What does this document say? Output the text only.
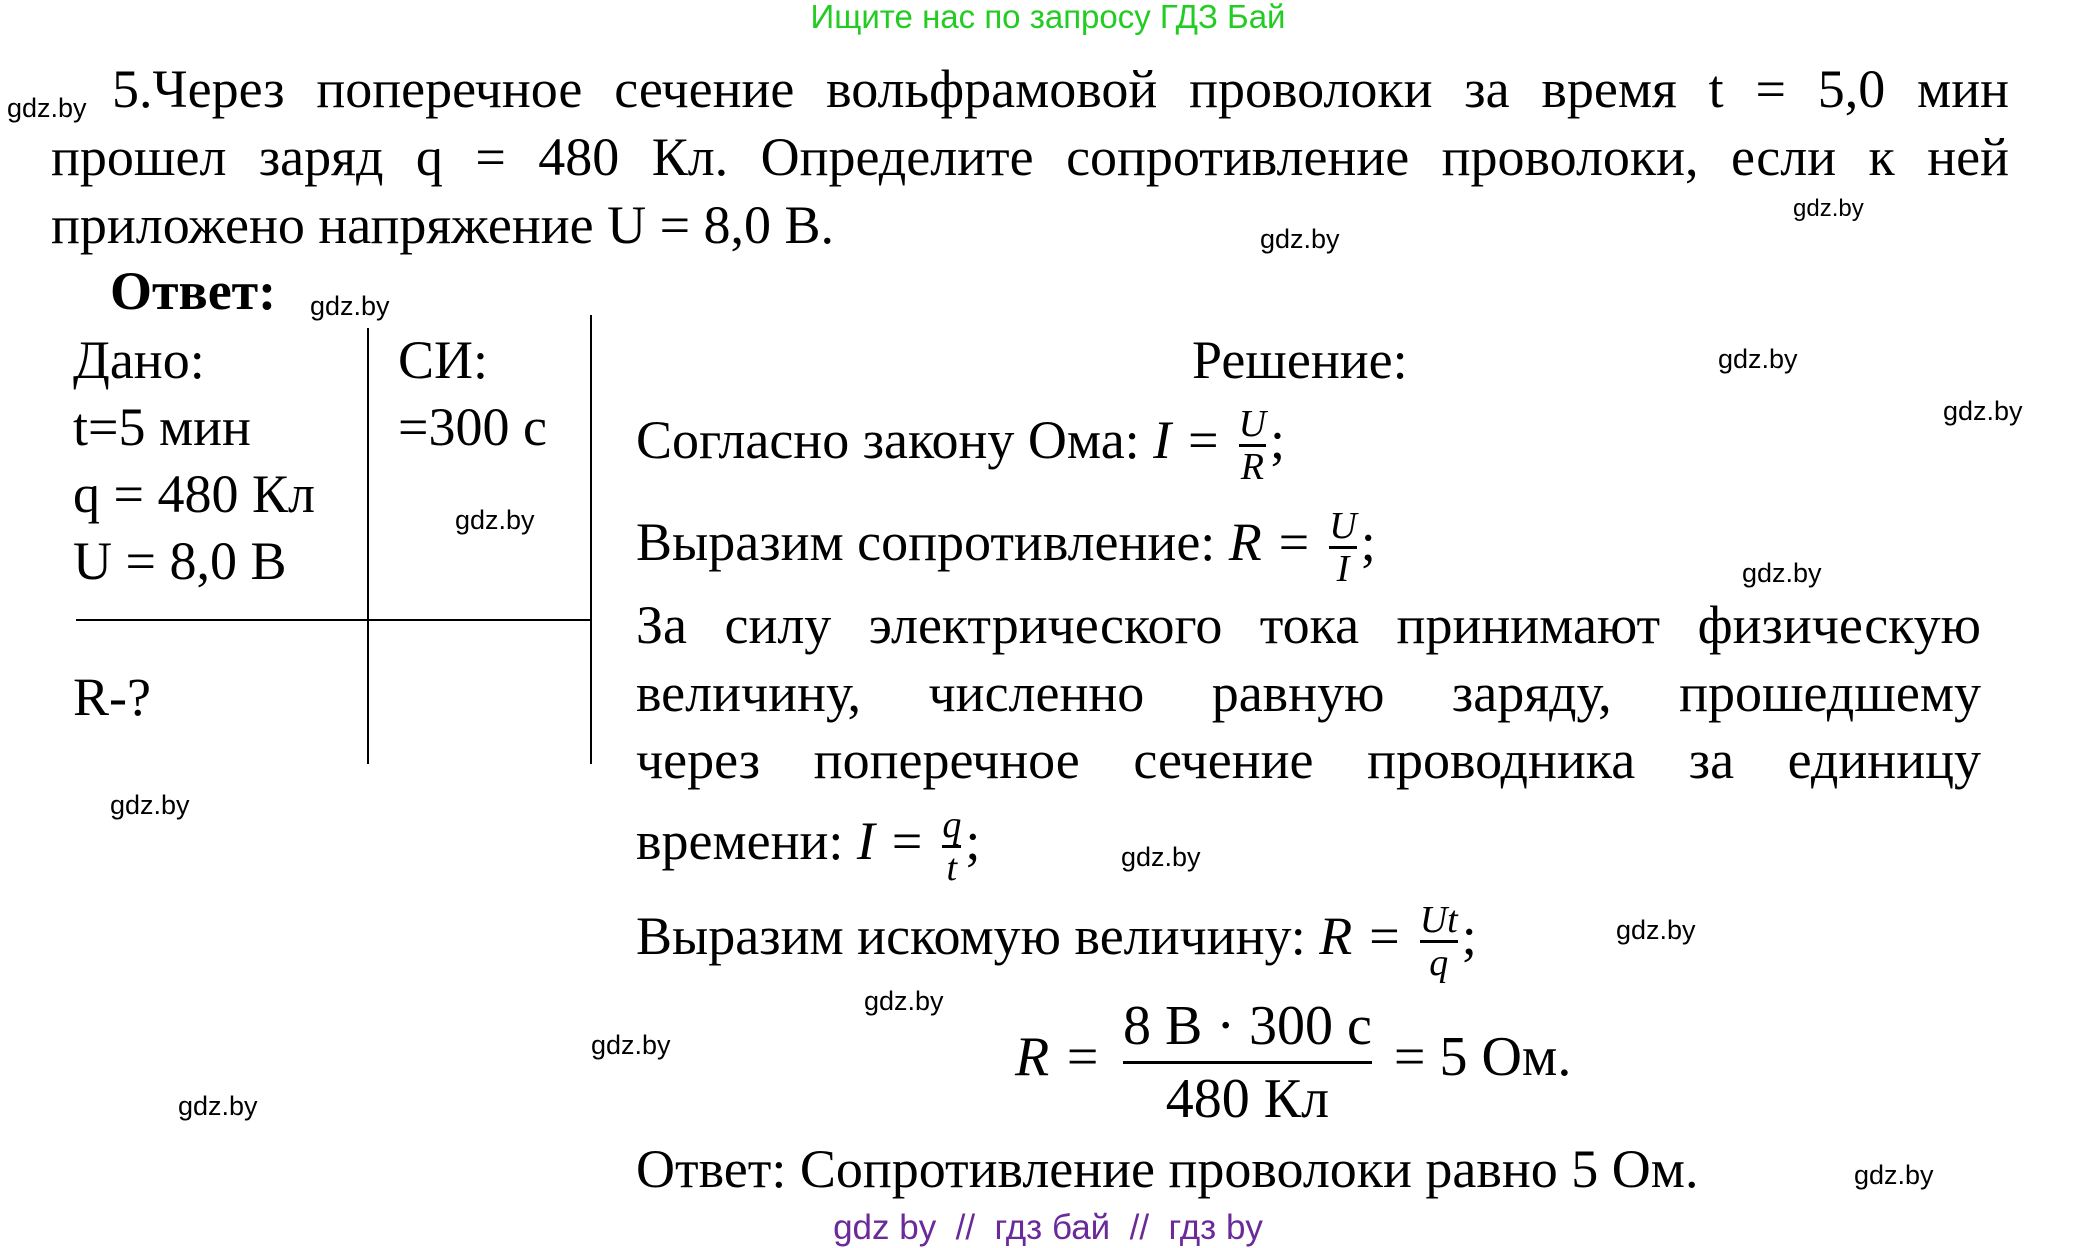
Ищите нас по запросу ГДЗ Бай
5.Через поперечное сечение вольфрамовой проволоки за время t = 5,0 мин
прошел заряд q = 480 Кл. Определите сопротивление проволоки, если к ней
приложено напряжение U = 8,0 В.
Ответ:
Дано:
t=5 мин
q = 480 Кл
U = 8,0 В
R-?
СИ:
=300 с
Решение:
Согласно закону Ома: $I = \frac{U}{R}$ ;
Выразим сопротивление: $R = \frac{U}{I}$ ;
За силу электрического тока принимают физическую
величину, численно равную заряду, прошедшему
через поперечное сечение проводника за единицу
времени: $I = \frac{q}{t}$ ;
Выразим искомую величину: $R = \frac{Ut}{q}$ ;
$R = \frac{8 В \cdot 300 с}{480 Кл} = 5$ Ом.
Ответ: Сопротивление проволоки равно 5 Ом.
gdz.by
gdz.by
gdz.by
gdz.by
gdz.by
gdz.by
gdz.by
gdz.by
gdz.by
gdz.by
gdz.by
gdz.by
gdz.by
gdz.by
gdz.by
gdz by  //  гдз бай  //  гдз by
